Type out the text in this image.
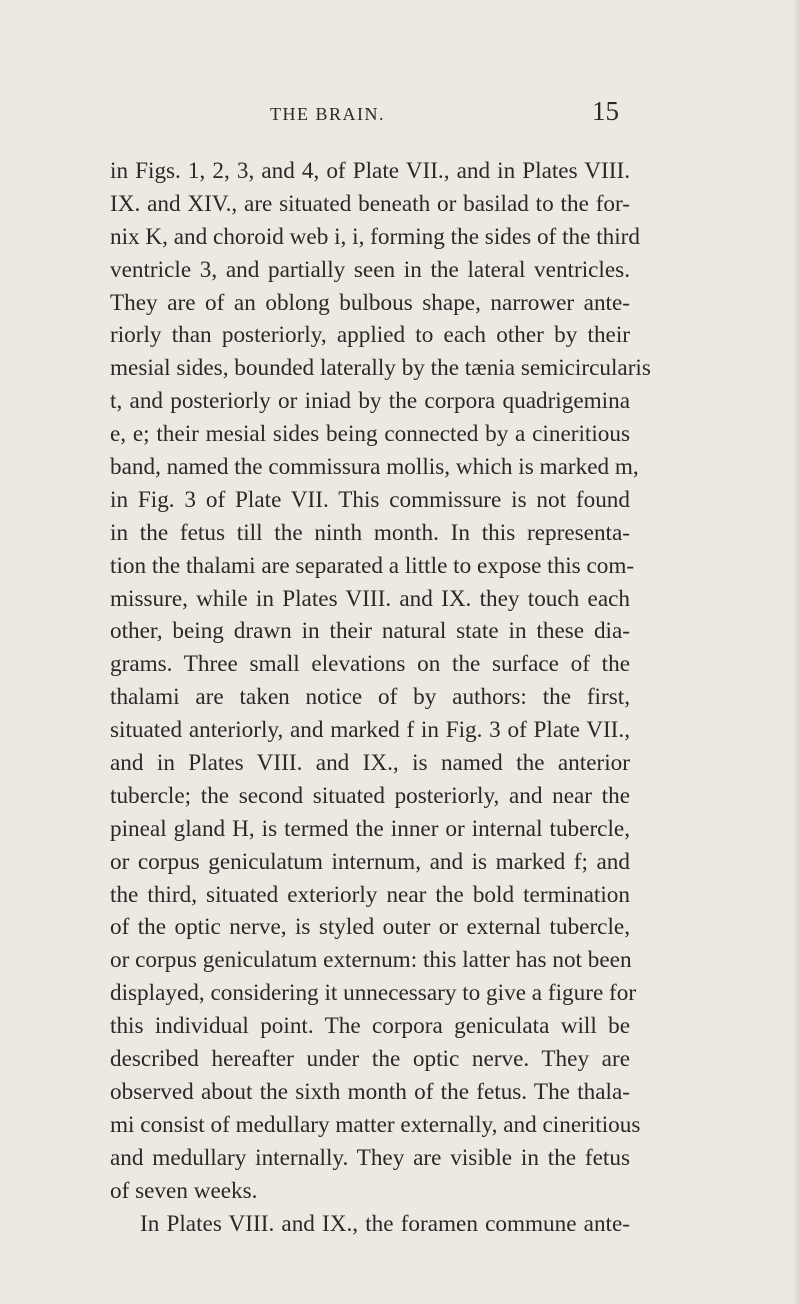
THE BRAIN.	15
in Figs. 1, 2, 3, and 4, of Plate VII., and in Plates VIII.
IX. and XIV., are situated beneath or basilad to the for-
nix K, and choroid web i, i, forming the sides of the third
ventricle 3, and partially seen in the lateral ventricles.
They are of an oblong bulbous shape, narrower ante-
riorly than posteriorly, applied to each other by their
mesial sides, bounded laterally by the tænia semicircularis
t, and posteriorly or iniad by the corpora quadrigemina
e, e; their mesial sides being connected by a cineritious
band, named the commissura mollis, which is marked m,
in Fig. 3 of Plate VII. This commissure is not found
in the fetus till the ninth month. In this representa-
tion the thalami are separated a little to expose this com-
missure, while in Plates VIII. and IX. they touch each
other, being drawn in their natural state in these dia-
grams. Three small elevations on the surface of the
thalami are taken notice of by authors: the first,
situated anteriorly, and marked f in Fig. 3 of Plate VII.,
and in Plates VIII. and IX., is named the anterior
tubercle; the second situated posteriorly, and near the
pineal gland H, is termed the inner or internal tubercle,
or corpus geniculatum internum, and is marked f; and
the third, situated exteriorly near the bold termination
of the optic nerve, is styled outer or external tubercle,
or corpus geniculatum externum: this latter has not been
displayed, considering it unnecessary to give a figure for
this individual point. The corpora geniculata will be
described hereafter under the optic nerve. They are
observed about the sixth month of the fetus. The thala-
mi consist of medullary matter externally, and cineritious
and medullary internally. They are visible in the fetus
of seven weeks.
In Plates VIII. and IX., the foramen commune ante-
